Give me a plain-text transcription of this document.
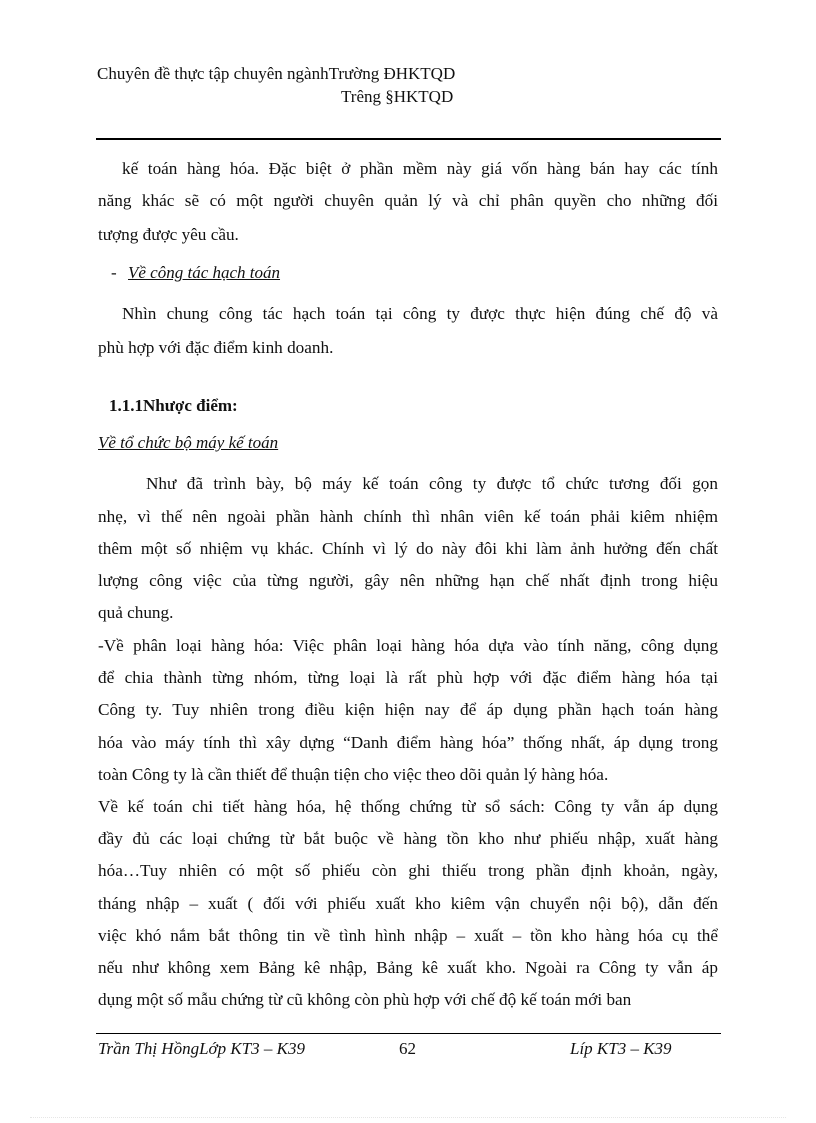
Chuyên đề thực tập chuyên ngànhTrường ĐHKTQD
Trêng §HKTQD
kế toán hàng hóa. Đặc biệt ở phần mềm này giá vốn hàng bán hay các tính
năng khác sẽ có một người chuyên quản lý và chỉ phân quyền cho những đối
tượng được yêu cầu.
- Về công tác hạch toán
Nhìn chung công tác hạch toán tại công ty được thực hiện đúng chế độ và
phù hợp với đặc điểm kinh doanh.
1.1.1Nhược điểm:
Về tổ chức bộ máy kế toán
Như đã trình bày, bộ máy kế toán công ty được tổ chức tương đối gọn
nhẹ, vì thế nên ngoài phần hành chính thì nhân viên kế toán phải kiêm nhiệm
thêm một số nhiệm vụ khác. Chính vì lý do này đôi khi làm ảnh hưởng đến chất
lượng công việc của từng người, gây nên những hạn chế nhất định trong hiệu
quả chung.
-Về phân loại hàng hóa: Việc phân loại hàng hóa dựa vào tính năng, công dụng
để chia thành từng nhóm, từng loại là rất phù hợp với đặc điểm hàng hóa tại
Công ty. Tuy nhiên trong điều kiện hiện nay để áp dụng phần hạch toán hàng
hóa vào máy tính thì xây dựng “Danh điểm hàng hóa” thống nhất, áp dụng trong
toàn Công ty là cần thiết để thuận tiện cho việc theo dõi quản lý hàng hóa.
Về kế toán chi tiết hàng hóa, hệ thống chứng từ sổ sách: Công ty vẫn áp dụng
đầy đủ các loại chứng từ bắt buộc về hàng tồn kho như phiếu nhập, xuất hàng
hóa…Tuy nhiên có một số phiếu còn ghi thiếu trong phần định khoản, ngày,
tháng nhập – xuất ( đối với phiếu xuất kho kiêm vận chuyển nội bộ), dẫn đến
việc khó nắm bắt thông tin về tình hình nhập – xuất – tồn kho hàng hóa cụ thể
nếu như không xem Bảng kê nhập, Bảng kê xuất kho. Ngoài ra Công ty vẫn áp
dụng một số mẫu chứng từ cũ không còn phù hợp với chế độ kế toán mới ban
Trần Thị HồngLớp KT3 – K39	62	Líp KT3 – K39
